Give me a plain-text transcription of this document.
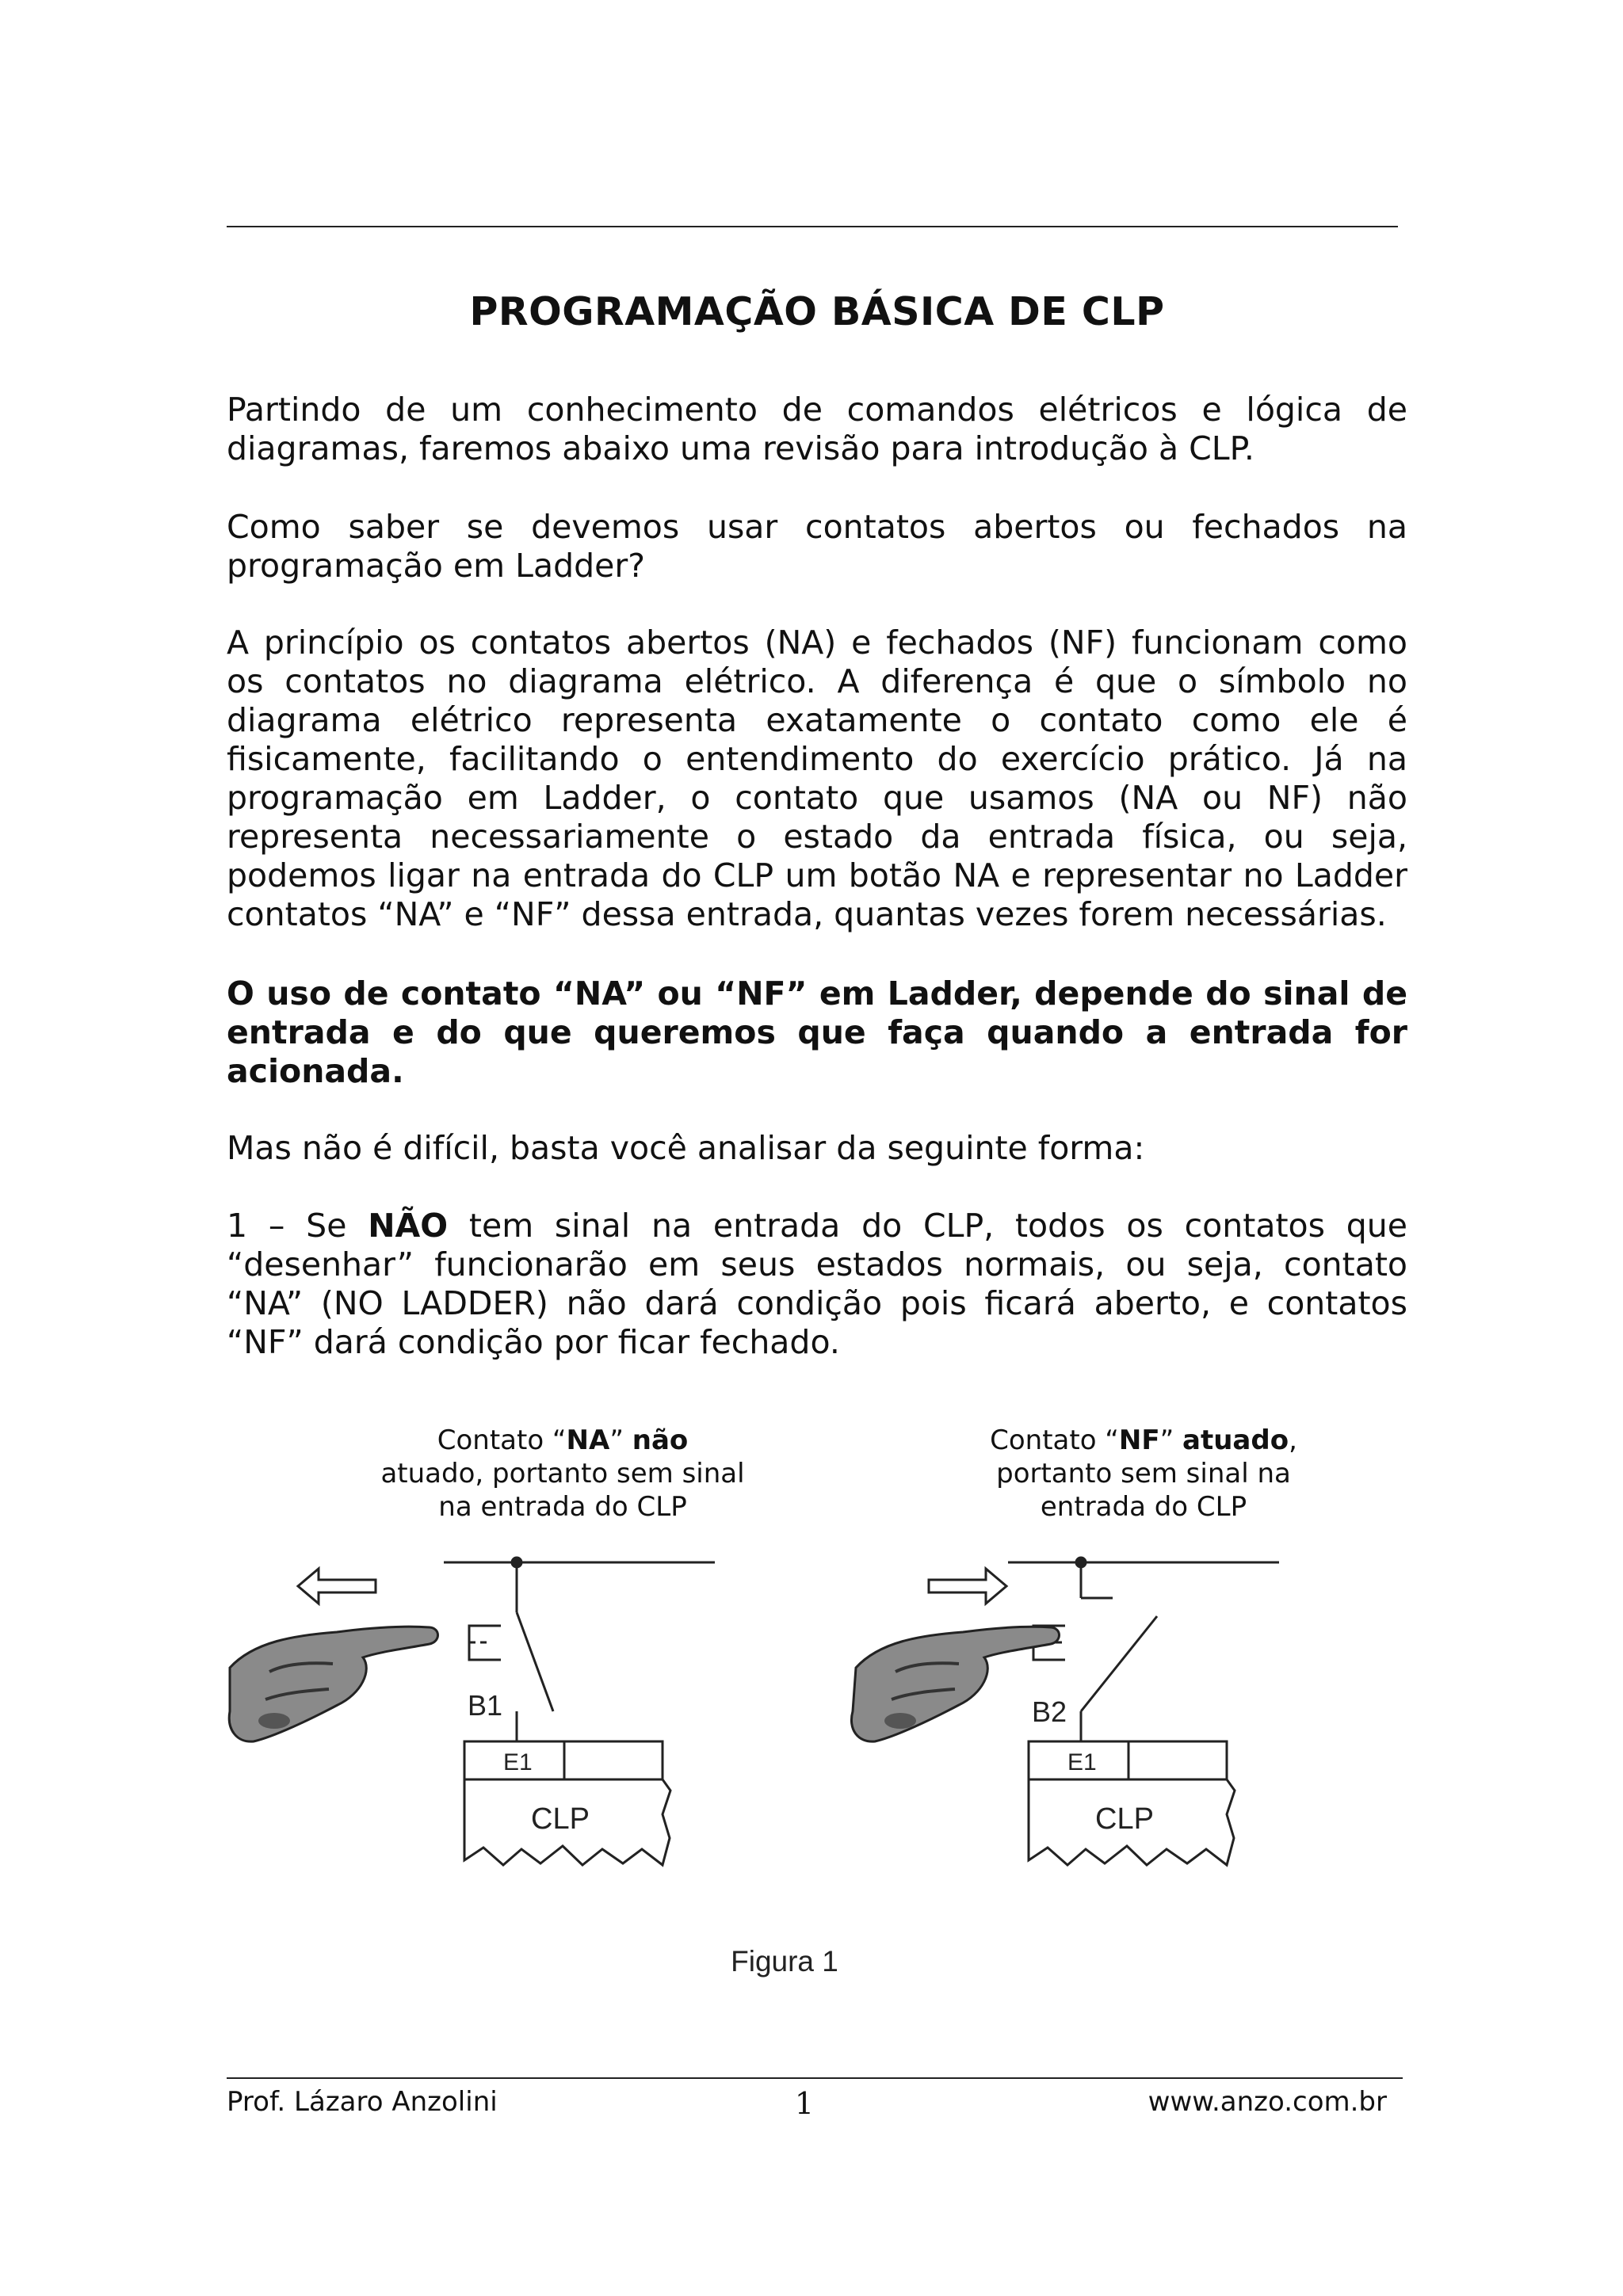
PROGRAMAÇÃO BÁSICA DE CLP

Partindo de um conhecimento de comandos elétricos e lógica de diagramas, faremos abaixo uma revisão para introdução à CLP.

Como saber se devemos usar contatos abertos ou fechados na programação em Ladder?

A princípio os contatos abertos (NA) e fechados (NF) funcionam como os contatos no diagrama elétrico. A diferença é que o símbolo no diagrama elétrico representa exatamente o contato como ele é fisicamente, facilitando o entendimento do exercício prático. Já na programação em Ladder, o contato que usamos (NA ou NF) não representa necessariamente o estado da entrada física, ou seja, podemos ligar na entrada do CLP um botão NA e representar no Ladder contatos “NA” e “NF” dessa entrada, quantas vezes forem necessárias.

O uso de contato “NA” ou “NF” em Ladder, depende do sinal de entrada e do que queremos que faça quando a entrada for acionada.

Mas não é difícil, basta você analisar da seguinte forma:

1 – Se NÃO tem sinal na entrada do CLP, todos os contatos que “desenhar” funcionarão em seus estados normais, ou seja, contato “NA” (NO LADDER) não dará condição pois ficará aberto, e contatos “NF” dará condição por ficar fechado.

Contato “NA” não
atuado, portanto sem sinal na entrada do CLP

Contato “NF” atuado,
portanto sem sinal na entrada do CLP

B1
E1
CLP
B2
E1
CLP

Figura 1

Prof. Lázaro Anzolini	1	www.anzo.com.br
